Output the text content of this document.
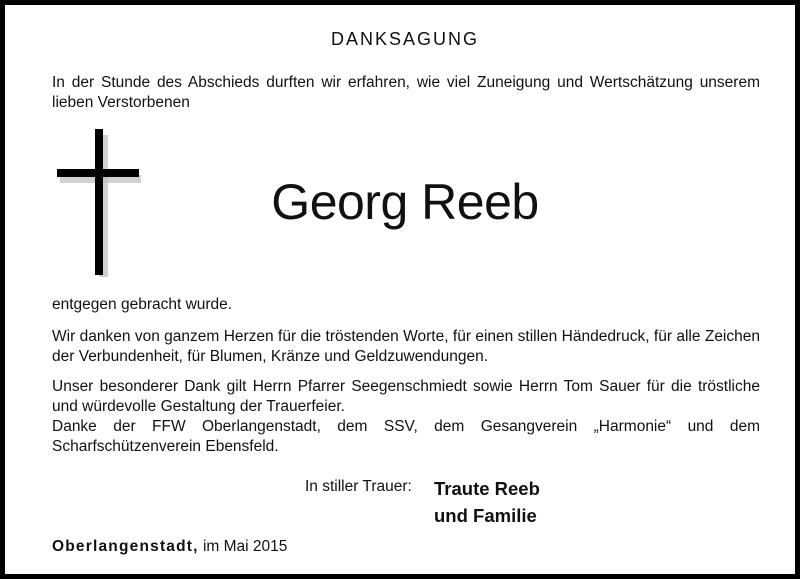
DANKSAGUNG
In der Stunde des Abschieds durften wir erfahren, wie viel Zuneigung und Wertschätzung unserem lieben Verstorbenen
Georg Reeb
entgegen gebracht wurde.
Wir danken von ganzem Herzen für die tröstenden Worte, für einen stillen Händedruck, für alle Zeichen der Verbundenheit, für Blumen, Kränze und Geldzuwendungen.
Unser besonderer Dank gilt Herrn Pfarrer Seegenschmiedt sowie Herrn Tom Sauer für die tröstliche und würdevolle Gestaltung der Trauerfeier.
Danke der FFW Oberlangenstadt, dem SSV, dem Gesangverein „Harmonie“ und dem Scharfschützenverein Ebensfeld.
In stiller Trauer: Traute Reeb
und Familie
Oberlangenstadt, im Mai 2015
